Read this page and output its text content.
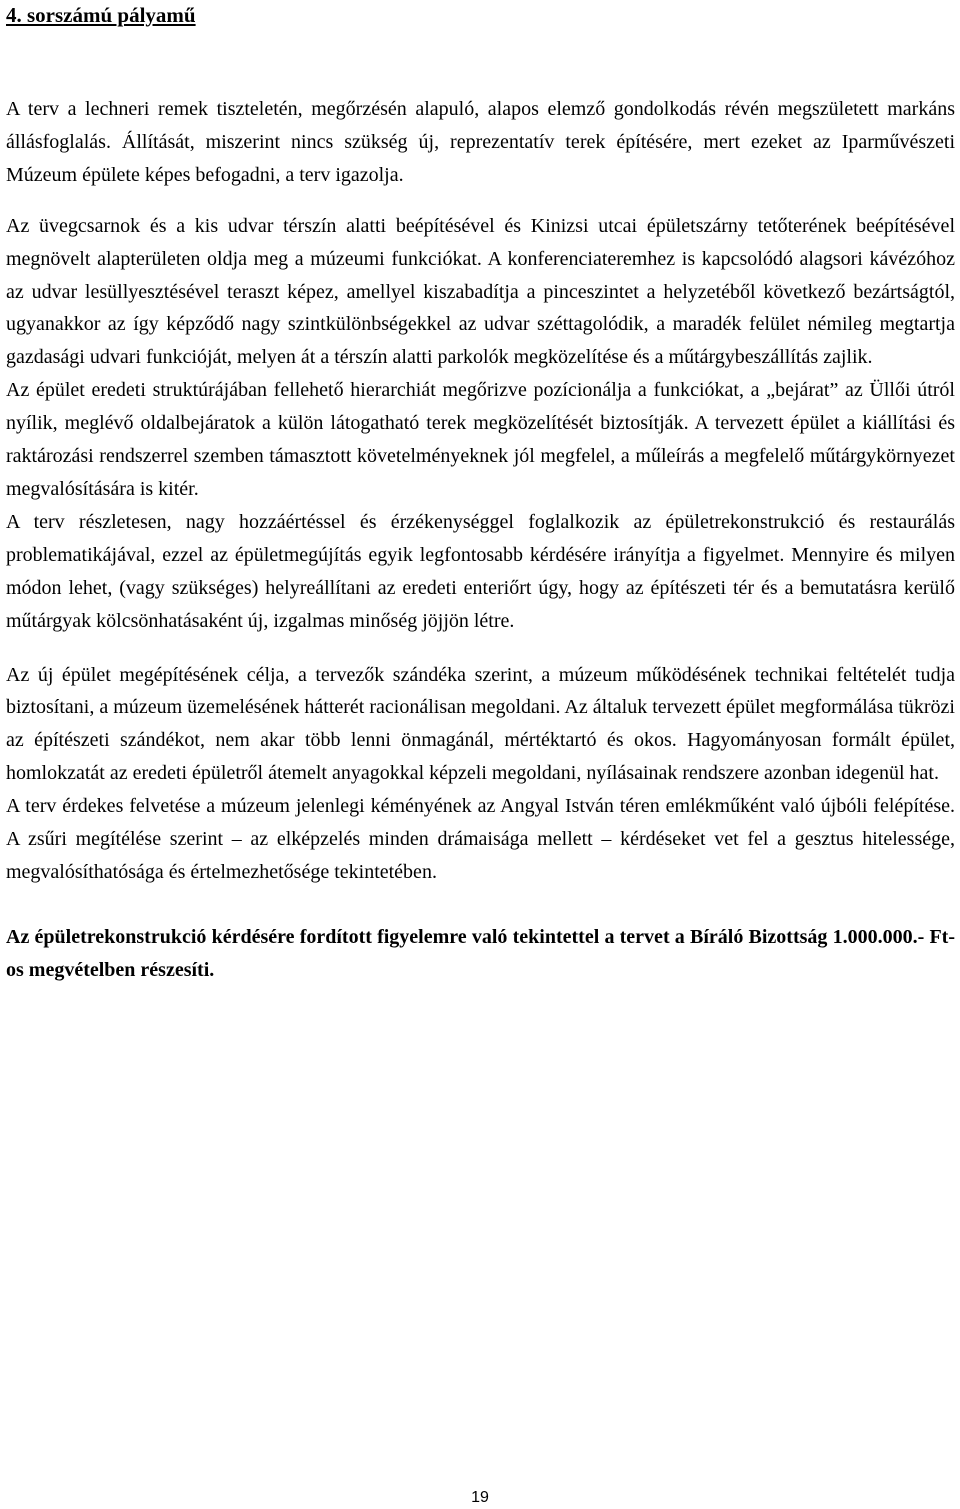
4. sorszámú pályamű

A terv a lechneri remek tiszteletén, megőrzésén alapuló, alapos elemző gondolkodás révén megszületett markáns állásfoglalás. Állítását, miszerint nincs szükség új, reprezentatív terek építésére, mert ezeket az Iparművészeti Múzeum épülete képes befogadni, a terv igazolja.

Az üvegcsarnok és a kis udvar térszín alatti beépítésével és Kinizsi utcai épületszárny tetőterének beépítésével megnövelt alapterületen oldja meg a múzeumi funkciókat. A konferenciateremhez is kapcsolódó alagsori kávézóhoz az udvar lesüllyesztésével teraszt képez, amellyel kiszabadítja a pinceszintet a helyzetéből következő bezártságtól, ugyanakkor az így képződő nagy szintkülönbségekkel az udvar széttagolódik, a maradék felület némileg megtartja gazdasági udvari funkcióját, melyen át a térszín alatti parkolók megközelítése és a műtárgybeszállítás zajlik.

Az épület eredeti struktúrájában fellehető hierarchiát megőrizve pozícionálja a funkciókat, a „bejárat” az Üllői útról nyílik, meglévő oldalbejáratok a külön látogatható terek megközelítését biztosítják. A tervezett épület a kiállítási és raktározási rendszerrel szemben támasztott követelményeknek jól megfelel, a műleírás a megfelelő műtárgykörnyezet megvalósítására is kitér.

A terv részletesen, nagy hozzáértéssel és érzékenységgel foglalkozik az épületrekonstrukció és restaurálás problematikájával, ezzel az épületmegújítás egyik legfontosabb kérdésére irányítja a figyelmet. Mennyire és milyen módon lehet, (vagy szükséges) helyreállítani az eredeti enteriőrt úgy, hogy az építészeti tér és a bemutatásra kerülő műtárgyak kölcsönhatásaként új, izgalmas minőség jöjjön létre.

Az új épület megépítésének célja, a tervezők szándéka szerint, a múzeum működésének technikai feltételét tudja biztosítani, a múzeum üzemelésének hátterét racionálisan megoldani. Az általuk tervezett épület megformálása tükrözi az építészeti szándékot, nem akar több lenni önmagánál, mértéktartó és okos. Hagyományosan formált épület, homlokzatát az eredeti épületről átemelt anyagokkal képzeli megoldani, nyílásainak rendszere azonban idegenül hat.

A terv érdekes felvetése a múzeum jelenlegi kéményének az Angyal István téren emlékműként való újbóli felépítése. A zsűri megítélése szerint – az elképzelés minden drámaisága mellett – kérdéseket vet fel a gesztus hitelessége, megvalósíthatósága és értelmezhetősége tekintetében.

Az épületrekonstrukció kérdésére fordított figyelemre való tekintettel a tervet a Bíráló Bizottság 1.000.000.- Ft-os megvételben részesíti.

19
